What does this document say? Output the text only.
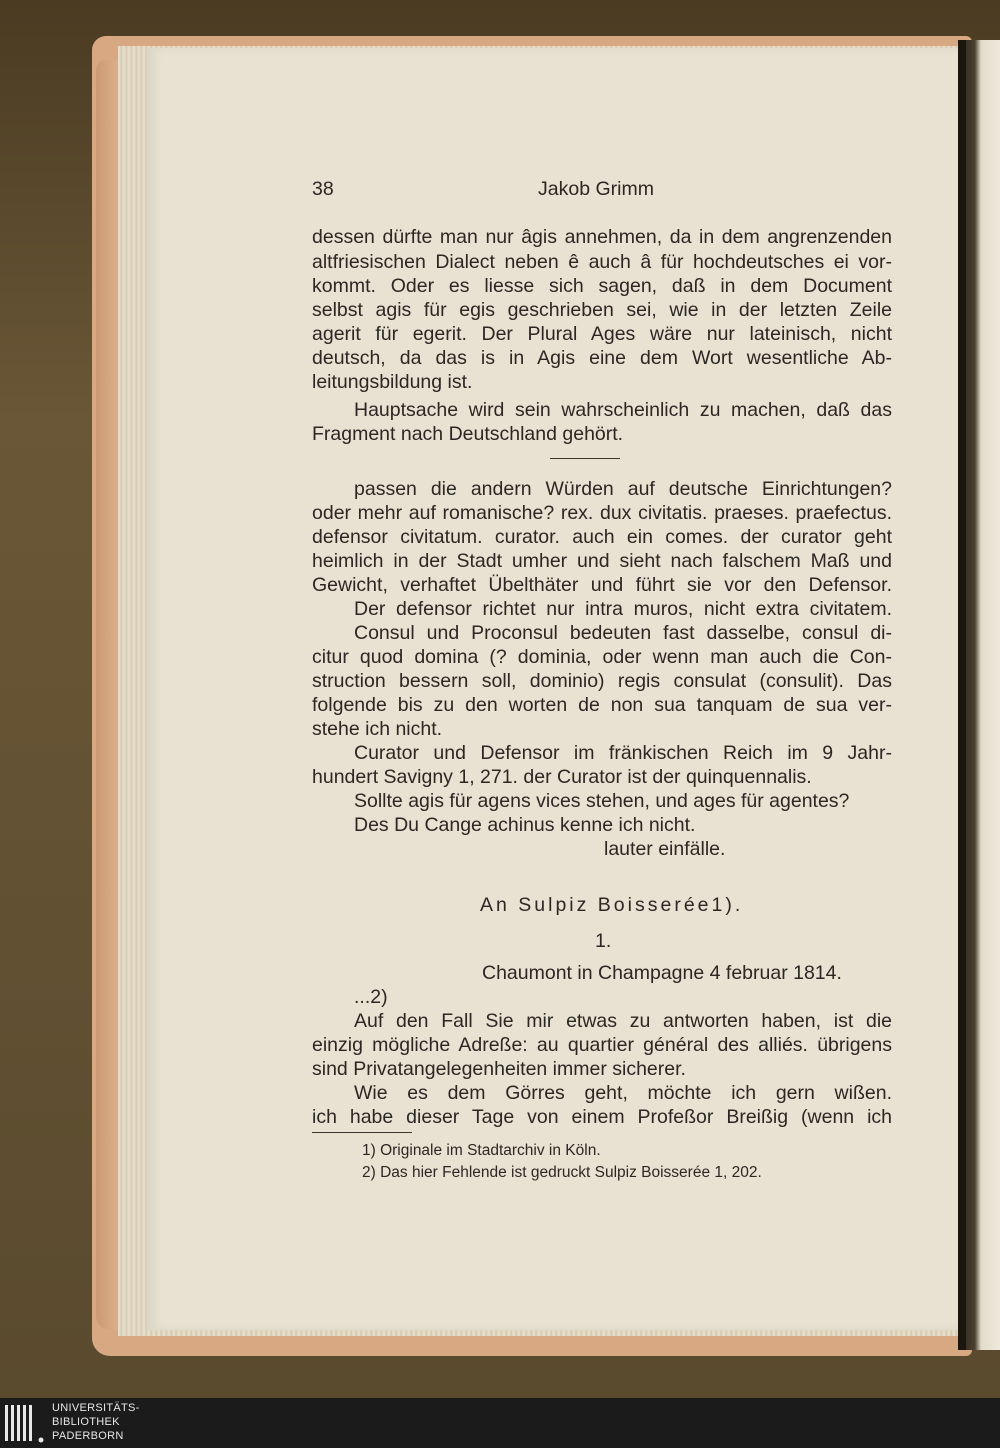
38	Jakob Grimm
dessen dürfte man nur âgis annehmen, da in dem angrenzenden
altfriesischen Dialect neben ê auch â für hochdeutsches ei vor-
kommt. Oder es liesse sich sagen, daß in dem Document
selbst agis für egis geschrieben sei, wie in der letzten Zeile
agerit für egerit. Der Plural Ages wäre nur lateinisch, nicht
deutsch, da das is in Agis eine dem Wort wesentliche Ab-
leitungsbildung ist.
Hauptsache wird sein wahrscheinlich zu machen, daß das
Fragment nach Deutschland gehört.
passen die andern Würden auf deutsche Einrichtungen?
oder mehr auf romanische? rex. dux civitatis. praeses. praefectus.
defensor civitatum. curator. auch ein comes. der curator geht
heimlich in der Stadt umher und sieht nach falschem Maß und
Gewicht, verhaftet Übelthäter und führt sie vor den Defensor.
Der defensor richtet nur intra muros, nicht extra civitatem.
Consul und Proconsul bedeuten fast dasselbe, consul di-
citur quod domina (? dominia, oder wenn man auch die Con-
struction bessern soll, dominio) regis consulat (consulit). Das
folgende bis zu den worten de non sua tanquam de sua ver-
stehe ich nicht.
Curator und Defensor im fränkischen Reich im 9 Jahr-
hundert Savigny 1, 271. der Curator ist der quinquennalis.
Sollte agis für agens vices stehen, und ages für agentes?
Des Du Cange achinus kenne ich nicht.
lauter einfälle.
An Sulpiz Boisserée1).
1.
Chaumont in Champagne 4 februar 1814.
...2)
Auf den Fall Sie mir etwas zu antworten haben, ist die
einzig mögliche Adreße: au quartier général des alliés. übrigens
sind Privatangelegenheiten immer sicherer.
Wie es dem Görres geht, möchte ich gern wißen.
ich habe dieser Tage von einem Profeßor Breißig (wenn ich
1) Originale im Stadtarchiv in Köln.
2) Das hier Fehlende ist gedruckt Sulpiz Boisserée 1, 202.
UNIVERSITÄTS-
BIBLIOTHEK
PADERBORN
